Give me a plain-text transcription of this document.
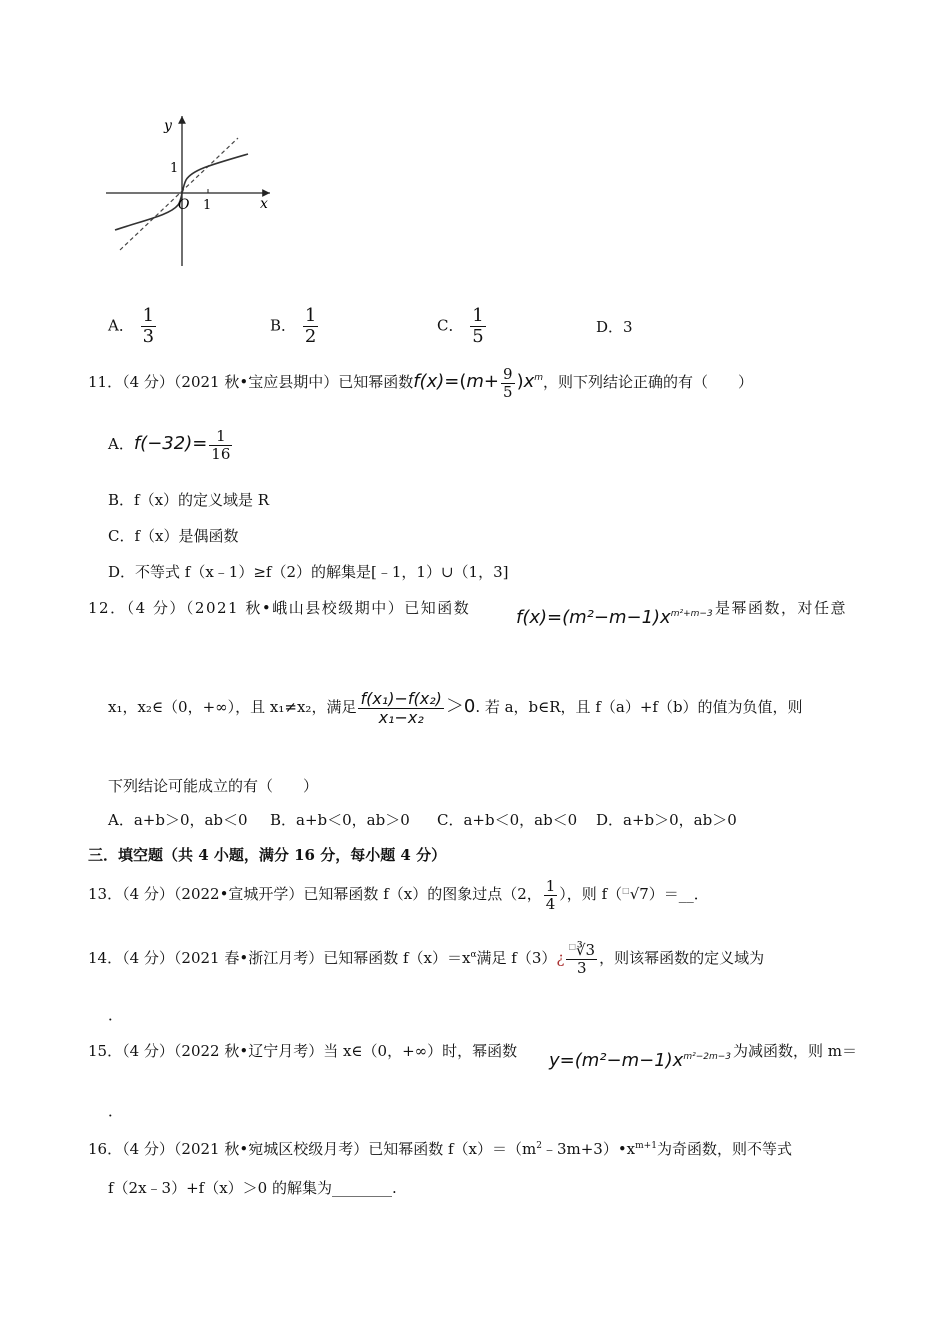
y
x
O 1
1
A． $\frac{1}{3}$	B． $\frac{1}{2}$	C． $\frac{1}{5}$	D．3
11．（4 分）（2021 秋•宝应县期中）已知幂函数$f(x)=(m+ \frac{9}{5} )x^m$，则下列结论正确的有（　　）
A．$f(-32)= \frac{1}{16}$
B．f（x）的定义域是 R
C．f（x）是偶函数
D．不等式 f（x﹣1）≥f（2）的解集是[﹣1，1）∪（1，3]
12．（4 分）（2021 秋•峨山县校级期中）已知函数	$f(x)=(m^2-m-1)x^{m^2+m-3}$ 是幂函数，对任意
x₁，x₂∈（0，+∞），且 x₁≠x₂，满足 $\frac{\text{f(x₁)−f(x₂)}}{\text{x₁−x₂}} >0$. 若 a，b∈R，且 f（a）+f（b）的值为负值，则
下列结论可能成立的有（　　）
A．a+b＞0，ab＜0 B．a+b＜0，ab＞0 C．a+b＜0，ab＜0 D．a+b＞0，ab＞0
三．填空题（共 4 小题，满分 16 分，每小题 4 分）
13．（4 分）（2022•宣城开学）已知幂函数 f（x）的图象过点（2， $\frac{1}{4}$ ），则 f（□√7）＝__．
14．（4 分）（2021 春•浙江月考）已知幂函数 $f(x)=x^\alpha$满足 f（3）¿ $\frac{^□∛3}{3}$ ，则该幂函数的定义域为
．
15．（4 分）（2022 秋•辽宁月考）当 x∈（0，+∞）时，幂函数 $y=(m^2-m-1)x^{m^2-2m-3}$ 为减函数，则 m＝
．
16．（4 分）（2021 秋•宛城区校级月考）已知幂函数 $f(x)=(m^2﹣3m+3)•x^{m+1}$为奇函数，则不等式
f（2x﹣3）+f（x）＞0 的解集为________.
